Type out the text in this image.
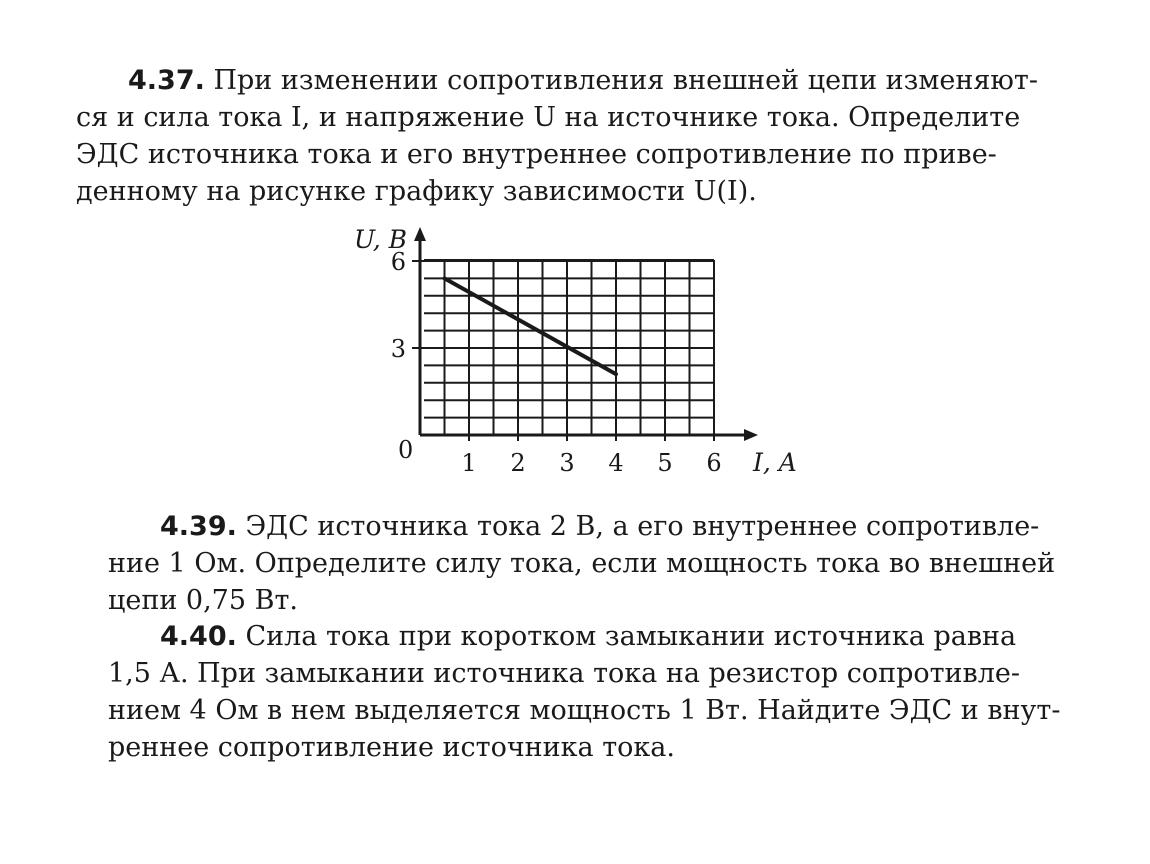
4.37. При изменении сопротивления внешней цепи изменяют-
ся и сила тока I, и напряжение U на источнике тока. Определите
ЭДС источника тока и его внутреннее сопротивление по приве-
денному на рисунке графику зависимости U(I).
1 2 3 4 5 6
3
6
U, B
I, A
0
4.39. ЭДС источника тока 2 В, а его внутреннее сопротивле-
ние 1 Ом. Определите силу тока, если мощность тока во внешней
цепи 0,75 Вт.
4.40. Сила тока при коротком замыкании источника равна
1,5 А. При замыкании источника тока на резистор сопротивле-
нием 4 Ом в нем выделяется мощность 1 Вт. Найдите ЭДС и внут-
реннее сопротивление источника тока.
